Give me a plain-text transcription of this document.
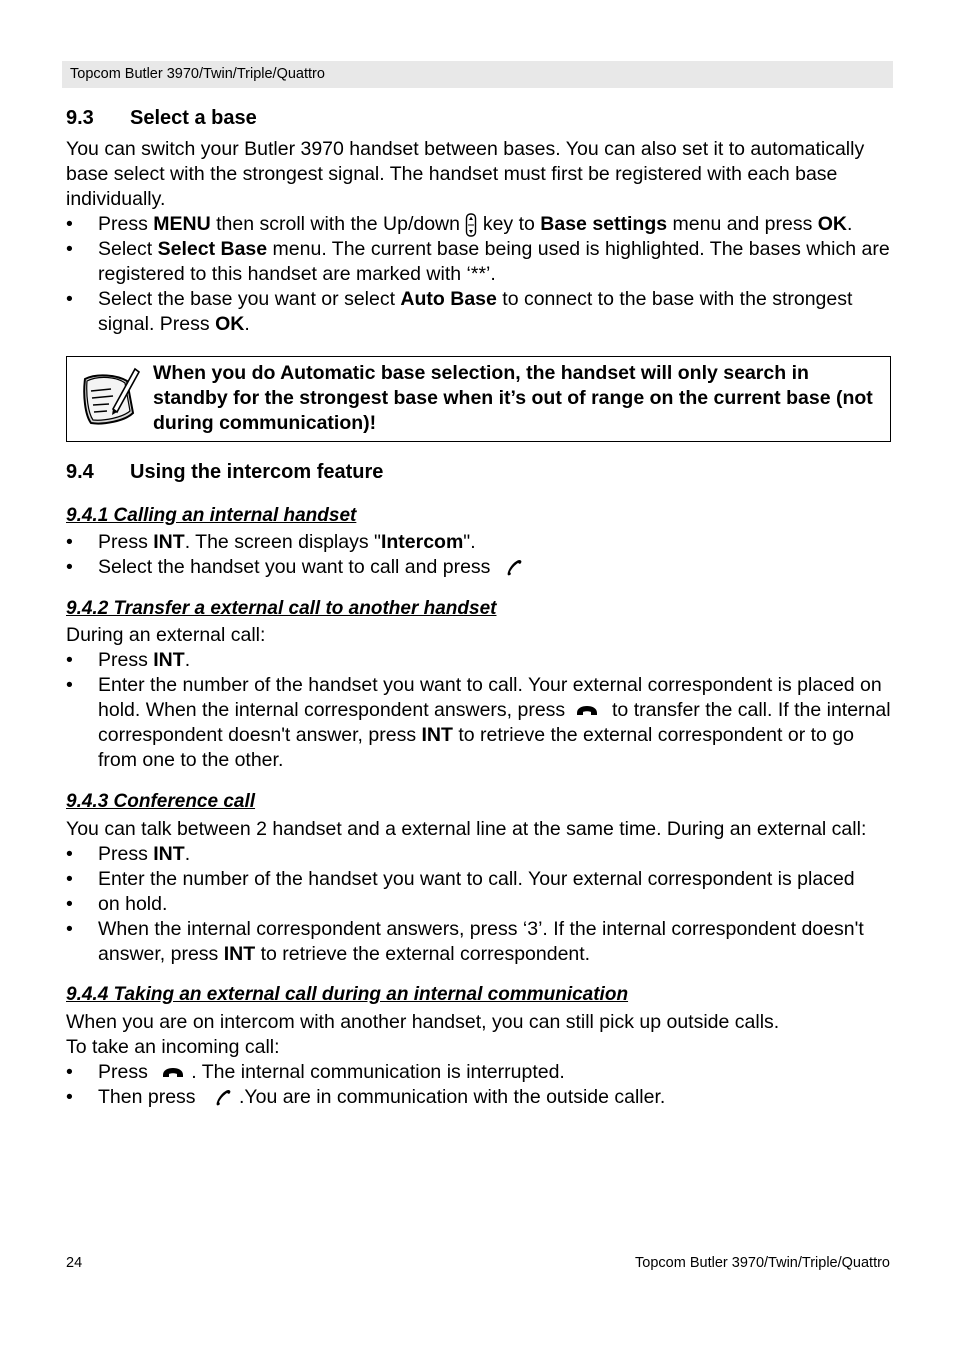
Topcom Butler 3970/Twin/Triple/Quattro
9.3 Select a base

You can switch your Butler 3970 handset between bases. You can also set it to automatically base select with the strongest signal. The handset must first be registered with each base individually.

• Press MENU then scroll with the Up/down  key to Base settings menu and press OK.
• Select Select Base menu. The current base being used is highlighted. The bases which are registered to this handset are marked with ‘**’.
• Select the base you want or select Auto Base to connect to the base with the strongest signal. Press OK.
When you do Automatic base selection, the handset will only search in standby for the strongest base when it’s out of range on the current base (not during communication)!
9.4 Using the intercom feature
9.4.1 Calling an internal handset
• Press INT. The screen displays "Intercom".
• Select the handset you want to call and press
9.4.2 Transfer a external call to another handset

During an external call:

• Press INT.
• Enter the number of the handset you want to call. Your external correspondent is placed on hold. When the internal correspondent answers, press  to transfer the call. If the internal correspondent doesn't answer, press INT to retrieve the external correspondent or to go from one to the other.
9.4.3 Conference call

You can talk between 2 handset and a external line at the same time. During an external call:

• Press INT.
• Enter the number of the handset you want to call. Your external correspondent is placed
• on hold.
• When the internal correspondent answers, press ‘3’. If the internal correspondent doesn't answer, press INT to retrieve the external correspondent.
9.4.4 Taking an external call during an internal communication

When you are on intercom with another handset, you can still pick up outside calls.

To take an incoming call:

• Press . The internal communication is interrupted.
• Then press .You are in communication with the outside caller.
24	Topcom Butler 3970/Twin/Triple/Quattro
